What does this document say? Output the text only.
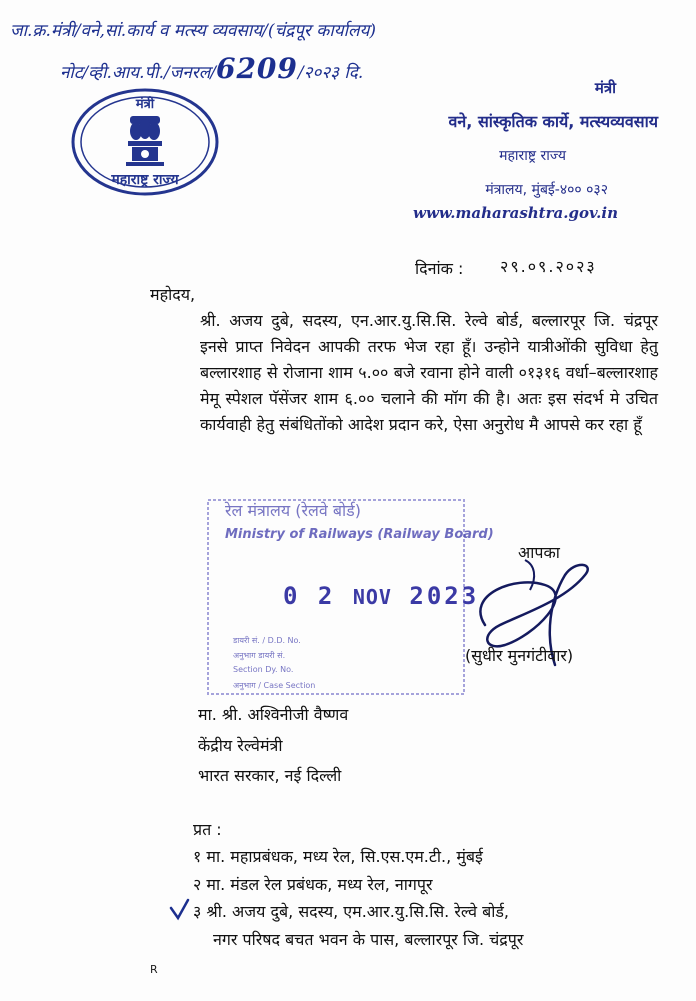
जा.क्र.मंत्री/वने,सां.कार्य व मत्स्य व्यवसाय/(चंद्रपूर कार्यालय)
नोट/व्ही.आय.पी./जनरल/6209/२०२३ दि.
मंत्री
महाराष्ट्र राज्य
मंत्री
वने, सांस्कृतिक कार्ये, मत्स्यव्यवसाय
महाराष्ट्र राज्य
मंत्रालय, मुंबई-४०० ०३२
www.maharashtra.gov.in
दिनांक : २९.०९.२०२३
महोदय,

श्री. अजय दुबे, सदस्य, एन.आर.यु.सि.सि. रेल्वे बोर्ड, बल्लारपूर जि. चंद्रपूर इनसे प्राप्त निवेदन आपकी तरफ भेज रहा हूँ। उन्होने यात्रीओंकी सुविधा हेतु बल्लारशाह से रोजाना शाम ५.०० बजे रवाना होने वाली ०१३१६ वर्धा–बल्लारशाह मेमू स्पेशल पॅसेंजर शाम ६.०० चलाने की मॉग की है। अतः इस संदर्भ मे उचित कार्यवाही हेतु संबंधितोंको आदेश प्रदान करे, ऐसा अनुरोध मै आपसे कर रहा हूँ

रेल मंत्रालय (रेलवे बोर्ड)
Ministry of Railways (Railway Board)
0 2 NOV 2023
डायरी सं. / D.D. No.
अनुभाग डायरी सं.
Section Dy. No.
अनुभाग / Case Section
आपका
(सुधीर मुनगंटीवार)
मा. श्री. अश्विनीजी वैष्णव
केंद्रीय रेल्वेमंत्री
भारत सरकार, नई दिल्ली
प्रत :
१ मा. महाप्रबंधक, मध्य रेल, सि.एस.एम.टी., मुंबई
२ मा. मंडल रेल प्रबंधक, मध्य रेल, नागपूर
३ श्री. अजय दुबे, सदस्य, एम.आर.यु.सि.सि. रेल्वे बोर्ड,
नगर परिषद बचत भवन के पास, बल्लारपूर जि. चंद्रपूर
R
